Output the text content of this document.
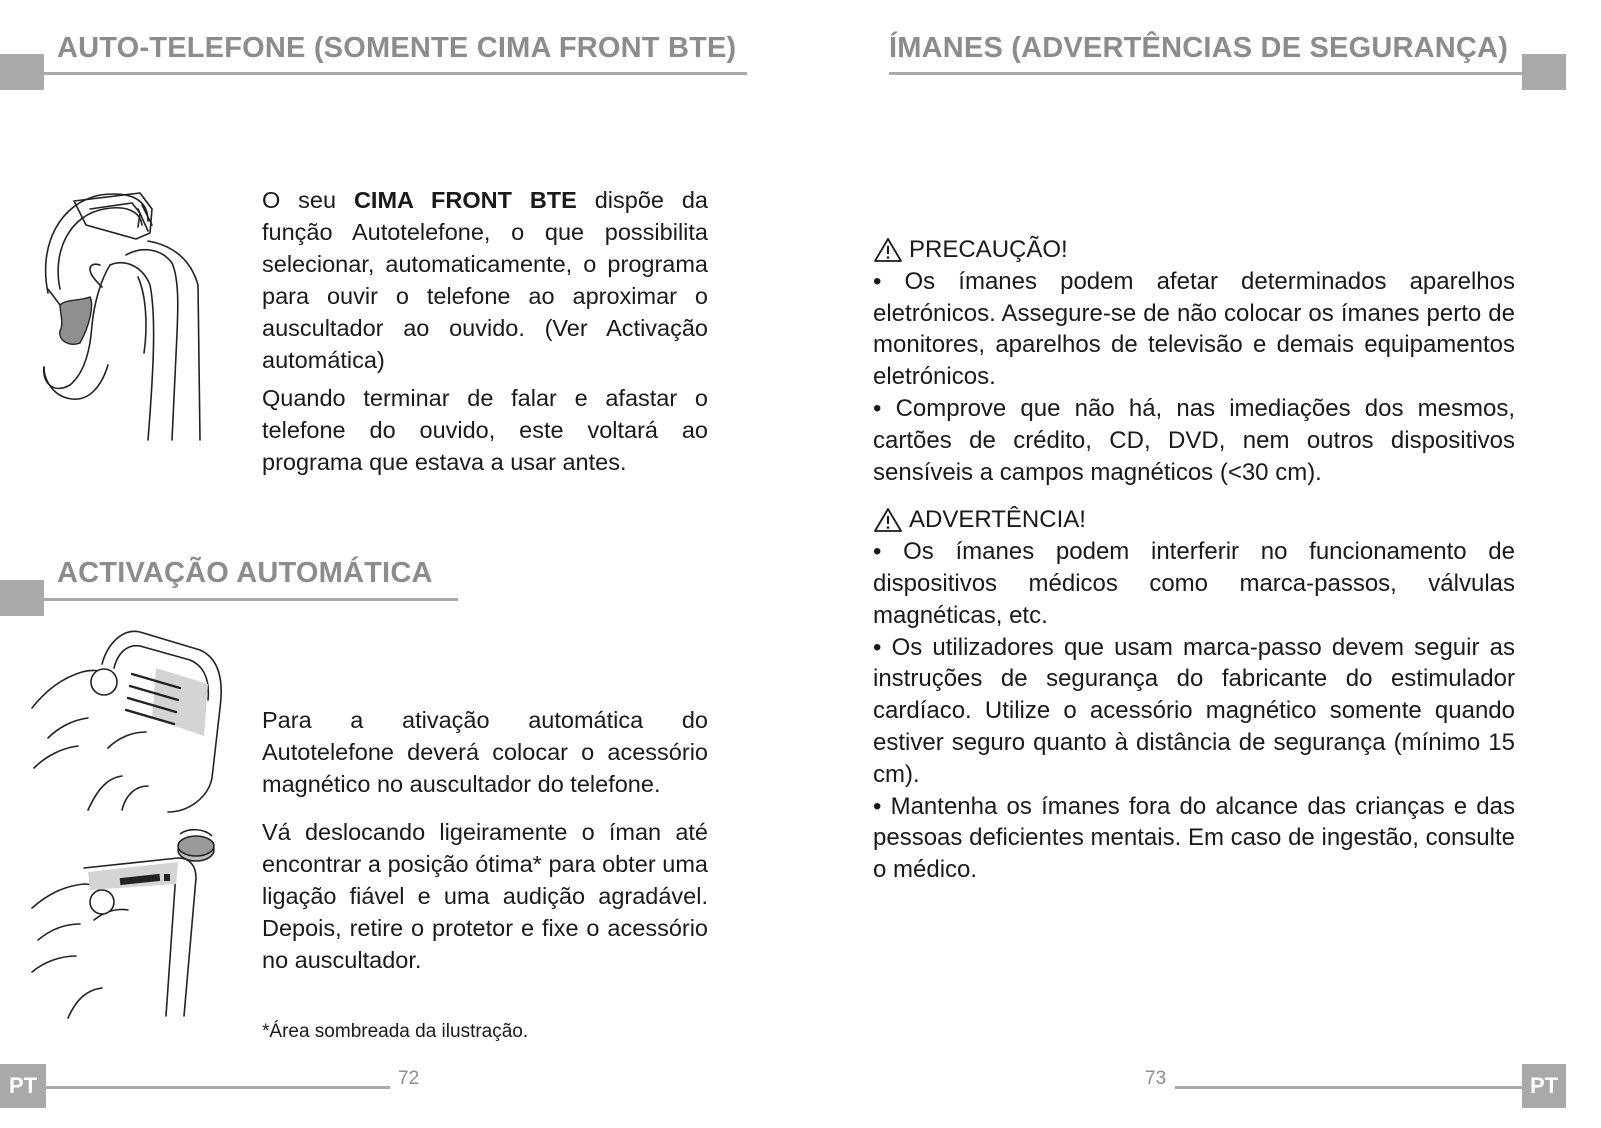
AUTO-TELEFONE (SOMENTE CIMA FRONT BTE)

O seu CIMA FRONT BTE dispõe da função Autotelefone, o que possibilita selecionar, automaticamente, o programa para ouvir o telefone ao aproximar o auscultador ao ouvido. (Ver Activação automática)

Quando terminar de falar e afastar o telefone do ouvido, este voltará ao programa que estava a usar antes.

ACTIVAÇÃO AUTOMÁTICA

Para a ativação automática do Autotelefone deverá colocar o acessório magnético no auscultador do telefone.

Vá deslocando ligeiramente o íman até encontrar a posição ótima* para obter uma ligação fiável e uma audição agradável. Depois, retire o protetor e fixe o acessório no auscultador.

*Área sombreada da ilustração.

PT	72
ÍMANES (ADVERTÊNCIAS DE SEGURANÇA)
PRECAUÇÃO!
• Os ímanes podem afetar determinados aparelhos eletrónicos. Assegure-se de não colocar os ímanes perto de monitores, aparelhos de televisão e demais equipamentos eletrónicos.
• Comprove que não há, nas imediações dos mesmos, cartões de crédito, CD, DVD, nem outros dispositivos sensíveis a campos magnéticos (<30 cm).
ADVERTÊNCIA!
• Os ímanes podem interferir no funcionamento de dispositivos médicos como marca-passos, válvulas magnéticas, etc.
• Os utilizadores que usam marca-passo devem seguir as instruções de segurança do fabricante do estimulador cardíaco. Utilize o acessório magnético somente quando estiver seguro quanto à distância de segurança (mínimo 15 cm).
• Mantenha os ímanes fora do alcance das crianças e das pessoas deficientes mentais. Em caso de ingestão, consulte o médico.
73	PT
